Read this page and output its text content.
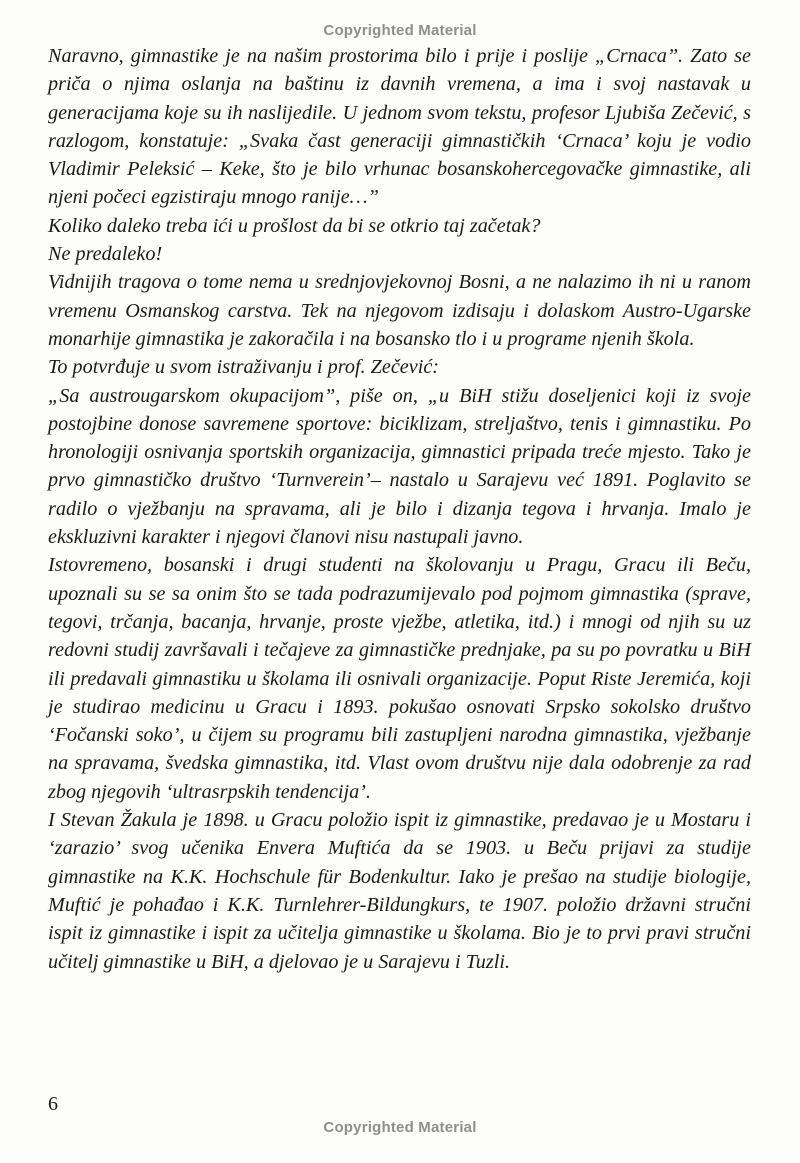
Copyrighted Material

Naravno, gimnastike je na našim prostorima bilo i prije i poslije „Crnaca”. Zato se priča o njima oslanja na baštinu iz davnih vremena, a ima i svoj nastavak u generacijama koje su ih naslijedile. U jednom svom tekstu, profesor Ljubiša Zečević, s razlogom, konstatuje: „Svaka čast generaciji gimnastičkih ‘Crnaca’ koju je vodio Vladimir Peleksić – Keke, što je bilo vrhunac bosanskohercegovačke gimnastike, ali njeni počeci egzistiraju mnogo ranije…”

Koliko daleko treba ići u prošlost da bi se otkrio taj začetak?

Ne predaleko!

Vidnijih tragova o tome nema u srednjovjekovnoj Bosni, a ne nalazimo ih ni u ranom vremenu Osmanskog carstva. Tek na njegovom izdisaju i dolaskom Austro-Ugarske monarhije gimnastika je zakoračila i na bosansko tlo i u programe njenih škola.

To potvrđuje u svom istraživanju i prof. Zečević:

„Sa austrougarskom okupacijom”, piše on, „u BiH stižu doseljenici koji iz svoje postojbine donose savremene sportove: biciklizam, streljaštvo, tenis i gimnastiku. Po hronologiji osnivanja sportskih organizacija, gimnastici pripada treće mjesto. Tako je prvo gimnastičko društvo ‘Turnverein’– nastalo u Sarajevu već 1891. Poglavito se radilo o vježbanju na spravama, ali je bilo i dizanja tegova i hrvanja. Imalo je ekskluzivni karakter i njegovi članovi nisu nastupali javno.

Istovremeno, bosanski i drugi studenti na školovanju u Pragu, Gracu ili Beču, upoznali su se sa onim što se tada podrazumijevalo pod pojmom gimnastika (sprave, tegovi, trčanja, bacanja, hrvanje, proste vježbe, atletika, itd.) i mnogi od njih su uz redovni studij završavali i tečajeve za gimnastičke prednjake, pa su po povratku u BiH ili predavali gimnastiku u školama ili osnivali organizacije. Poput Riste Jeremića, koji je studirao medicinu u Gracu i 1893. pokušao osnovati Srpsko sokolsko društvo ‘Fočanski soko’, u čijem su programu bili zastupljeni narodna gimnastika, vježbanje na spravama, švedska gimnastika, itd. Vlast ovom društvu nije dala odobrenje za rad zbog njegovih ‘ultrasrpskih tendencija’.

I Stevan Žakula je 1898. u Gracu položio ispit iz gimnastike, predavao je u Mostaru i ‘zarazio’ svog učenika Envera Muftića da se 1903. u Beču prijavi za studije gimnastike na K.K. Hochschule für Bodenkultur. Iako je prešao na studije biologije, Muftić je pohađao i K.K. Turnlehrer-Bildungkurs, te 1907. položio državni stručni ispit iz gimnastike i ispit za učitelja gimnastike u školama. Bio je to prvi pravi stručni učitelj gimnastike u BiH, a djelovao je u Sarajevu i Tuzli.

6
Copyrighted Material
